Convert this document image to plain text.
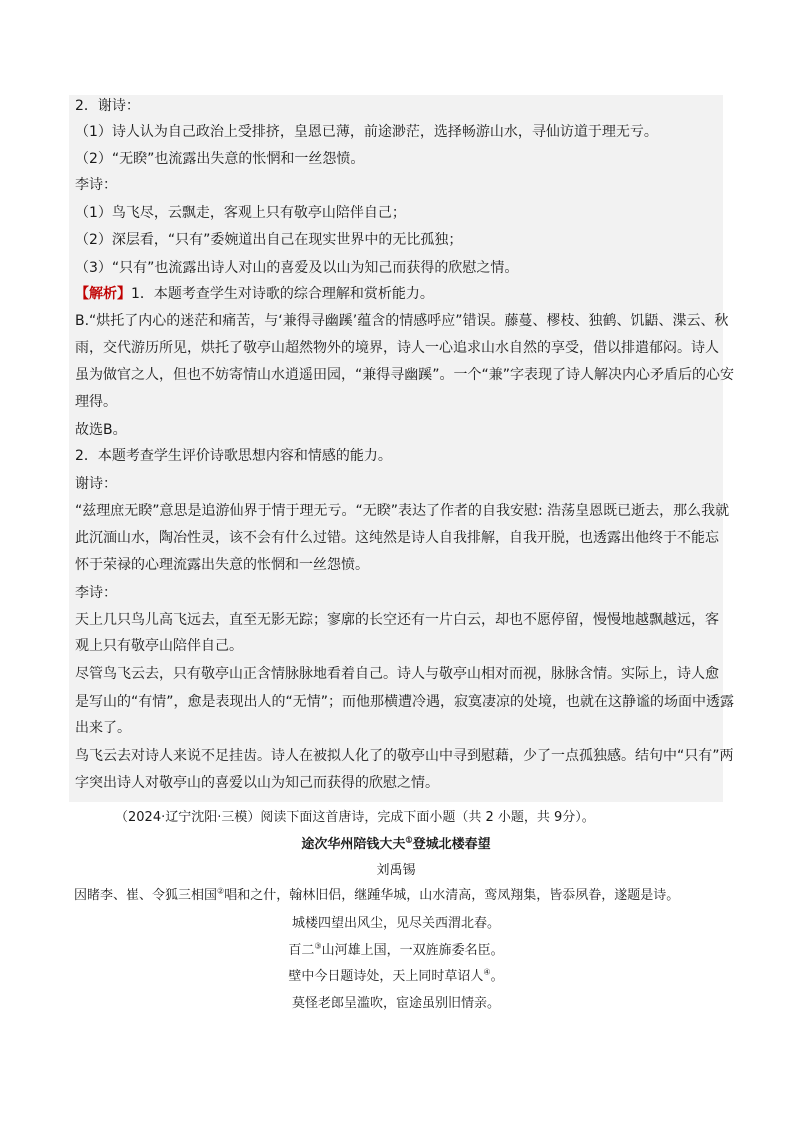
2．谢诗：
（1）诗人认为自己政治上受排挤，皇恩已薄，前途渺茫，选择畅游山水，寻仙访道于理无亏。
（2）“无睽”也流露出失意的怅惘和一丝怨愤。
李诗：
（1）鸟飞尽，云飘走，客观上只有敬亭山陪伴自己；
（2）深层看，“只有”委婉道出自己在现实世界中的无比孤独；
（3）“只有”也流露出诗人对山的喜爱及以山为知己而获得的欣慰之情。
【解析】1．本题考查学生对诗歌的综合理解和赏析能力。
B.“烘托了内心的迷茫和痛苦，与‘兼得寻幽蹊’蕴含的情感呼应”错误。藤蔓、樛枝、独鹤、饥鼯、渫云、秋
雨，交代游历所见，烘托了敬亭山超然物外的境界，诗人一心追求山水自然的享受，借以排遣郁闷。诗人
虽为做官之人，但也不妨寄情山水逍遥田园，“兼得寻幽蹊”。一个“兼”字表现了诗人解决内心矛盾后的心安
理得。
故选B。
2．本题考查学生评价诗歌思想内容和情感的能力。
谢诗：
“兹理庶无睽”意思是追游仙界于情于理无亏。“无睽”表达了作者的自我安慰: 浩荡皇恩既已逝去，那么我就
此沉湎山水，陶冶性灵，该不会有什么过错。这纯然是诗人自我排解，自我开脱，也透露出他终于不能忘
怀于荣禄的心理流露出失意的怅惘和一丝怨愤。
李诗：
天上几只鸟儿高飞远去，直至无影无踪；寥廓的长空还有一片白云，却也不愿停留，慢慢地越飘越远，客
观上只有敬亭山陪伴自己。
尽管鸟飞云去，只有敬亭山正含情脉脉地看着自己。诗人与敬亭山相对而视，脉脉含情。实际上，诗人愈
是写山的“有情”，愈是表现出人的“无情”；而他那横遭冷遇，寂寞凄凉的处境，也就在这静谧的场面中透露
出来了。
鸟飞云去对诗人来说不足挂齿。诗人在被拟人化了的敬亭山中寻到慰藉，少了一点孤独感。结句中“只有”两
字突出诗人对敬亭山的喜爱以山为知己而获得的欣慰之情。
（2024·辽宁沈阳·三模）阅读下面这首唐诗，完成下面小题（共 2 小题，共 9分）。
途次华州陪钱大夫①登城北楼春望
刘禹锡
因睹李、崔、令狐三相国②唱和之什，翰林旧侣，继踵华城，山水清高，鸾凤翔集，皆忝夙眷，遂题是诗。
城楼四望出风尘，见尽关西渭北春。
百二③山河雄上国，一双旌旆委名臣。
壁中今日题诗处，天上同时草诏人④。
莫怪老郎呈滥吹，宦途虽别旧情亲。
